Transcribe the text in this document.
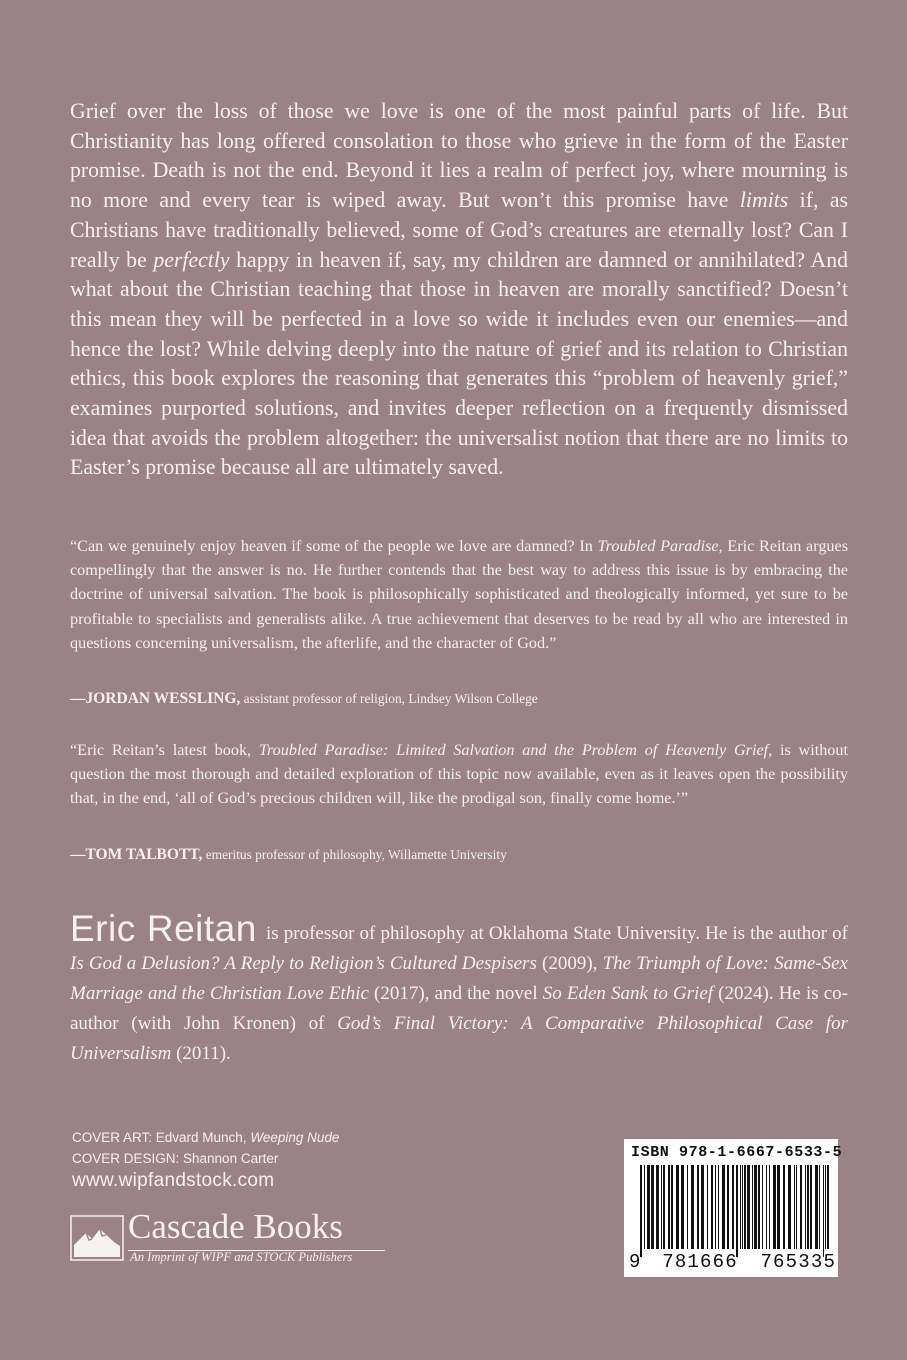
Grief over the loss of those we love is one of the most painful parts of life. But Christianity has long offered consolation to those who grieve in the form of the Easter promise. Death is not the end. Beyond it lies a realm of perfect joy, where mourning is no more and every tear is wiped away. But won’t this promise have limits if, as Christians have traditionally believed, some of God’s creatures are eternally lost? Can I really be perfectly happy in heaven if, say, my children are damned or annihilated? And what about the Christian teaching that those in heaven are morally sanctified? Doesn’t this mean they will be perfected in a love so wide it includes even our enemies—and hence the lost? While delving deeply into the nature of grief and its relation to Christian ethics, this book explores the reasoning that generates this “problem of heavenly grief,” examines purported solutions, and invites deeper reflection on a frequently dismissed idea that avoids the problem altogether: the universalist notion that there are no limits to Easter’s promise because all are ultimately saved.

“Can we genuinely enjoy heaven if some of the people we love are damned? In Troubled Paradise, Eric Reitan argues compellingly that the answer is no. He further contends that the best way to address this issue is by embracing the doctrine of universal salvation. The book is philosophically sophisticated and theologically informed, yet sure to be profitable to specialists and generalists alike. A true achievement that deserves to be read by all who are interested in questions concerning universalism, the afterlife, and the character of God.”

—JORDAN WESSLING, assistant professor of religion, Lindsey Wilson College

“Eric Reitan’s latest book, Troubled Paradise: Limited Salvation and the Problem of Heavenly Grief, is without question the most thorough and detailed exploration of this topic now available, even as it leaves open the possibility that, in the end, ‘all of God’s precious children will, like the prodigal son, finally come home.’”

—TOM TALBOTT, emeritus professor of philosophy, Willamette University

Eric Reitan is professor of philosophy at Oklahoma State University. He is the author of Is God a Delusion? A Reply to Religion’s Cultured Despisers (2009), The Triumph of Love: Same-Sex Marriage and the Christian Love Ethic (2017), and the novel So Eden Sank to Grief (2024). He is co-author (with John Kronen) of God’s Final Victory: A Comparative Philosophical Case for Universalism (2011).

COVER ART: Edvard Munch, Weeping Nude
COVER DESIGN: Shannon Carter
www.wipfandstock.com
Cascade Books
An Imprint of WIPF and STOCK Publishers
ISBN 978-1-6667-6533-5
9 781666 765335
